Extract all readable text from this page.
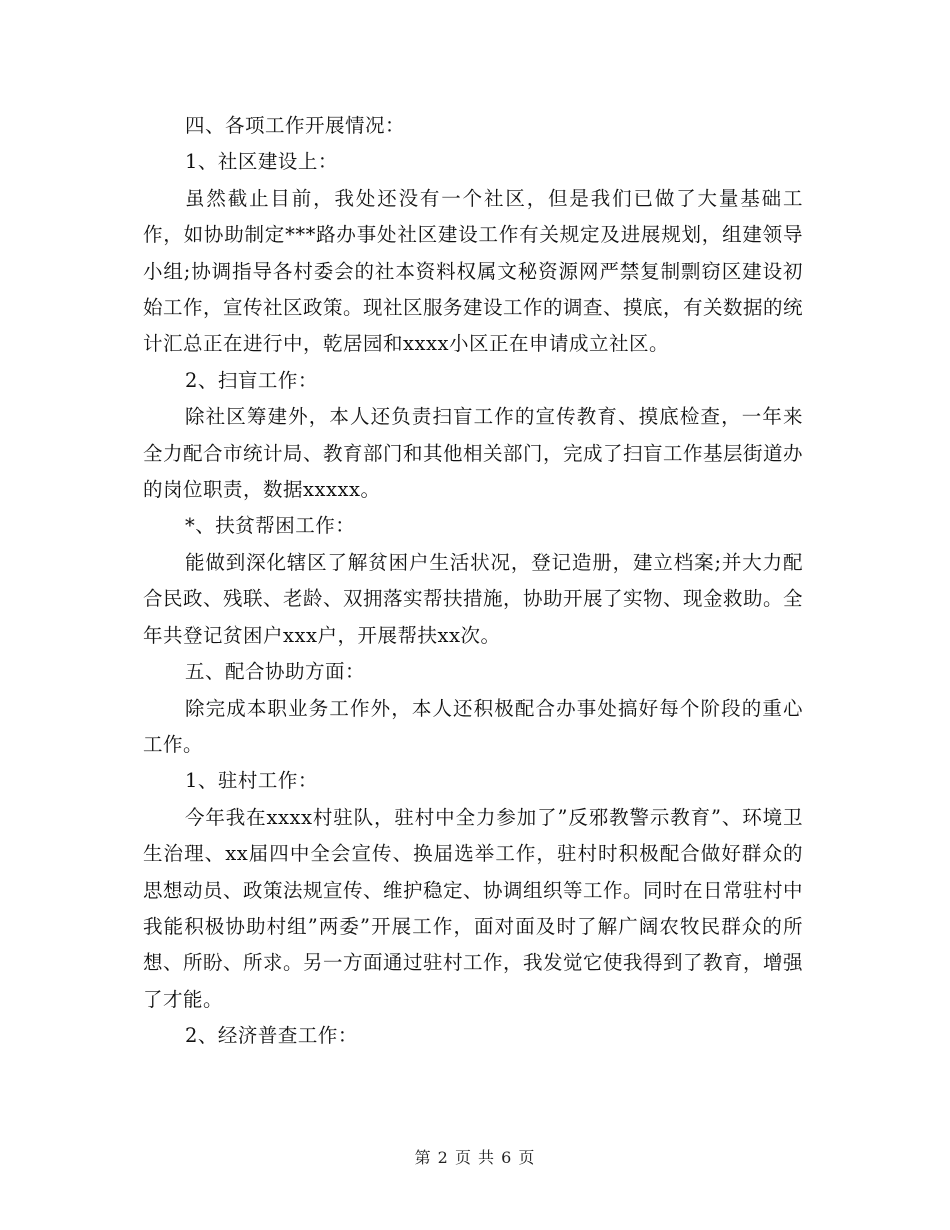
四、各项工作开展情况：

1、社区建设上：

虽然截止目前，我处还没有一个社区，但是我们已做了大量基础工作，如协助制定***路办事处社区建设工作有关规定及进展规划，组建领导小组;协调指导各村委会的社本资料权属文秘资源网严禁复制剽窃区建设初始工作，宣传社区政策。现社区服务建设工作的调查、摸底，有关数据的统计汇总正在进行中，乾居园和xxxx小区正在申请成立社区。

2、扫盲工作：

除社区筹建外，本人还负责扫盲工作的宣传教育、摸底检查，一年来全力配合市统计局、教育部门和其他相关部门，完成了扫盲工作基层街道办的岗位职责，数据xxxxx。

*、扶贫帮困工作：

能做到深化辖区了解贫困户生活状况，登记造册，建立档案;并大力配合民政、残联、老龄、双拥落实帮扶措施，协助开展了实物、现金救助。全年共登记贫困户xxx户，开展帮扶xx次。

五、配合协助方面：

除完成本职业务工作外，本人还积极配合办事处搞好每个阶段的重心工作。

1、驻村工作：

今年我在xxxx村驻队，驻村中全力参加了”反邪教警示教育”、环境卫生治理、xx届四中全会宣传、换届选举工作，驻村时积极配合做好群众的思想动员、政策法规宣传、维护稳定、协调组织等工作。同时在日常驻村中我能积极协助村组”两委”开展工作，面对面及时了解广阔农牧民群众的所想、所盼、所求。另一方面通过驻村工作，我发觉它使我得到了教育，增强了才能。

2、经济普查工作：

第 2 页 共 6 页
